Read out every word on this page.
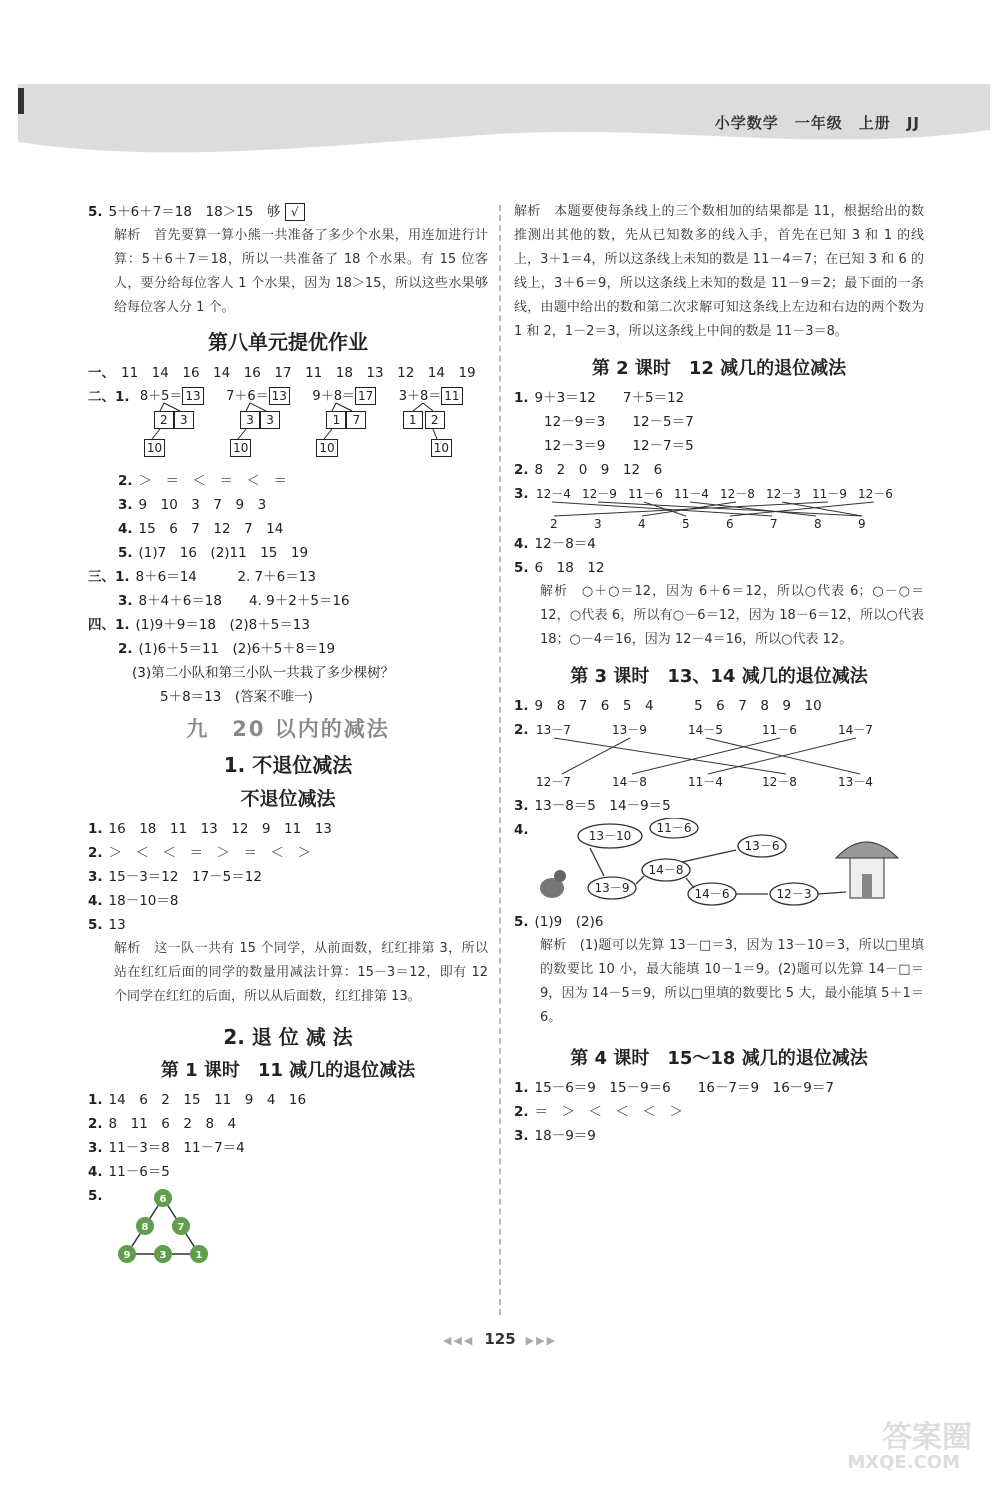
小学数学　 一年级　 上册　 JJ
5. 5＋6＋7＝18　18＞15　够 √
解析　首先要算一算小熊一共准备了多少个水果，用连加进行计算：5＋6＋7＝18，所以一共准备了 18 个水果。有 15 位客人，要分给每位客人 1 个水果，因为 18＞15，所以这些水果够给每位客人分 1 个。
第八单元提优作业
一、 11　14　16　14　16　17　11　18　13　12　14　19
二、1. 8＋5＝ 13
2	3
10

7＋6＝ 13
3	3
10

9＋8＝ 17
1	7
10

3＋8＝ 11
1	2
10
2. ＞　＝　＜　＝　＜　＝
3. 9　10　3　7　9　3
4. 15　6　7　12　7　14
5. (1)7　16　(2)11　15　19
三、1. 8＋6＝14　　　2. 7＋6＝13
3. 8＋4＋6＝18　　4. 9＋2＋5＝16
四、1. (1)9＋9＝18　(2)8＋5＝13
2. (1)6＋5＝11　(2)6＋5＋8＝19
(3)第二小队和第三小队一共栽了多少棵树？
5＋8＝13　(答案不唯一)
九　20 以内的减法
1. 不退位减法
不退位减法
1. 16　18　11　13　12　9　11　13
2. ＞　＜　＜　＝　＞　＝　＜　＞
3. 15－3＝12　17－5＝12
4. 18－10＝8
5. 13
解析　这一队一共有 15 个同学，从前面数，红红排第 3，所以站在红红后面的同学的数量用减法计算：15－3＝12，即有 12 个同学在红红的后面，所以从后面数，红红排第 13。
2. 退 位 减 法
第 1 课时　11 减几的退位减法
1. 14　6　2　15　11　9　4　16
2. 8　11　6　2　8　4
3. 11－3＝8　11－7＝4
4. 11－6＝5
5.	6
8	7
9	3	1
解析　本题要使每条线上的三个数相加的结果都是 11，根据给出的数推测出其他的数，先从已知数多的线入手，首先在已知 3 和 1 的线上，3＋1＝4，所以这条线上未知的数是 11－4＝7；在已知 3 和 6 的线上，3＋6＝9，所以这条线上未知的数是 11－9＝2；最下面的一条线，由题中给出的数和第二次求解可知这条线上左边和右边的两个数为 1 和 2，1－2＝3，所以这条线上中间的数是 11－3＝8。
第 2 课时　12 减几的退位减法
1. 9＋3＝12　　7＋5＝12
12－9＝3　　12－5＝7
12－3＝9　　12－7＝5
2. 8　2　0　9　12　6
3. 12－4 12－9 11－6 11－4 12－8 12－3 11－9 12－6
2	3	4	5	6	7	8	9
4. 12－8＝4
5. 6　18　12
解析　○＋○＝12，因为 6＋6＝12，所以○代表 6；○－○＝12，○代表 6，所以有○－6＝12，因为 18－6＝12，所以○代表 18；○－4＝16，因为 12－4＝16，所以○代表 12。
第 3 课时　13、14 减几的退位减法
1. 9　8　7　6　5　4　　　5　6　7　8　9　10
2. 13－7	13－9	14－5	11－6	14－7
12－7	14－8	11－4	12－8	13－4
3. 13－8＝5　14－9＝5
4.	13－10
11－6
13－6
14－8
13－9	14－6	12－3
5. (1)9　(2)6
解析　(1)题可以先算 13－□＝3，因为 13－10＝3，所以□里填的数要比 10 小，最大能填 10－1＝9。(2)题可以先算 14－□＝9，因为 14－5＝9，所以□里填的数要比 5 大，最小能填 5＋1＝6。
第 4 课时　15～18 减几的退位减法
1. 15－6＝9　15－9＝6　　16－7＝9　16－9＝7
2. ＝　＞　＜　＜　＜　＞
3. 18－9＝9
◀◀◀ 125 ▶▶▶
答案圈
MXQE.COM
